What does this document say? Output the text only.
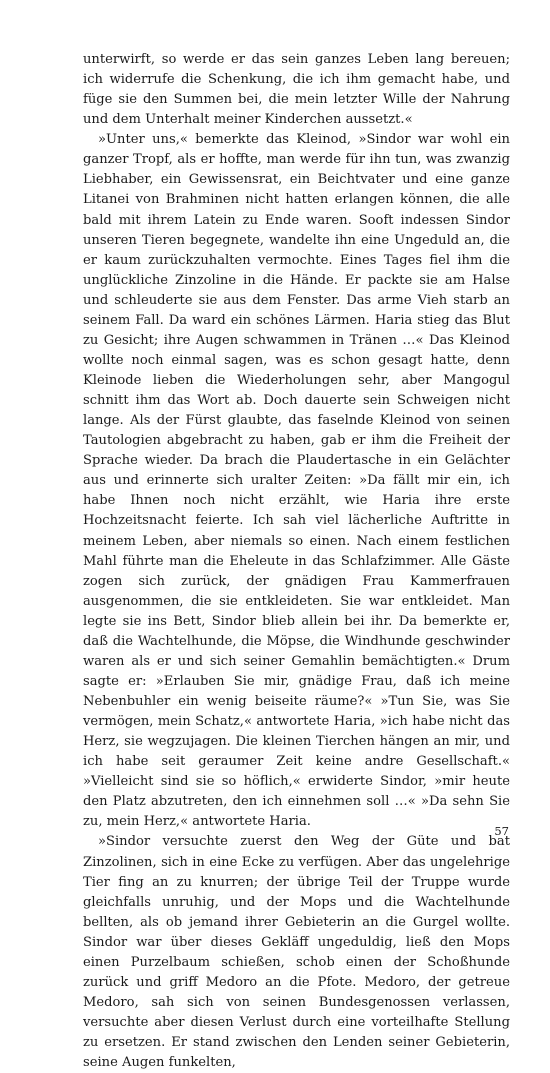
unterwirft, so werde er das sein ganzes Leben lang bereuen; ich widerrufe die Schenkung, die ich ihm gemacht habe, und füge sie den Summen bei, die mein letzter Wille der Nahrung und dem Unterhalt meiner Kinderchen aussetzt.«

»Unter uns,« bemerkte das Kleinod, »Sindor war wohl ein ganzer Tropf, als er hoffte, man werde für ihn tun, was zwanzig Liebhaber, ein Gewissensrat, ein Beichtvater und eine ganze Litanei von Brahminen nicht hatten erlangen können, die alle bald mit ihrem Latein zu Ende waren. Sooft indessen Sindor unseren Tieren begegnete, wandelte ihn eine Ungeduld an, die er kaum zurückzuhalten vermochte. Eines Tages fiel ihm die unglückliche Zinzoline in die Hände. Er packte sie am Halse und schleuderte sie aus dem Fenster. Das arme Vieh starb an seinem Fall. Da ward ein schönes Lärmen. Haria stieg das Blut zu Gesicht; ihre Augen schwammen in Tränen …« Das Kleinod wollte noch einmal sagen, was es schon gesagt hatte, denn Kleinode lieben die Wiederholungen sehr, aber Mangogul schnitt ihm das Wort ab. Doch dauerte sein Schweigen nicht lange. Als der Fürst glaubte, das faselnde Kleinod von seinen Tautologien abgebracht zu haben, gab er ihm die Freiheit der Sprache wieder. Da brach die Plaudertasche in ein Gelächter aus und erinnerte sich uralter Zeiten: »Da fällt mir ein, ich habe Ihnen noch nicht erzählt, wie Haria ihre erste Hochzeitsnacht feierte. Ich sah viel lächerliche Auftritte in meinem Leben, aber niemals so einen. Nach einem festlichen Mahl führte man die Eheleute in das Schlafzimmer. Alle Gäste zogen sich zurück, der gnädigen Frau Kammerfrauen ausgenommen, die sie entkleideten. Sie war entkleidet. Man legte sie ins Bett, Sindor blieb allein bei ihr. Da bemerkte er, daß die Wachtelhunde, die Möpse, die Windhunde geschwinder waren als er und sich seiner Gemahlin bemächtigten.« Drum sagte er: »Erlauben Sie mir, gnädige Frau, daß ich meine Nebenbuhler ein wenig beiseite räume?« »Tun Sie, was Sie vermögen, mein Schatz,« antwortete Haria, »ich habe nicht das Herz, sie wegzujagen. Die kleinen Tierchen hängen an mir, und ich habe seit geraumer Zeit keine andre Gesellschaft.« »Vielleicht sind sie so höflich,« erwiderte Sindor, »mir heute den Platz abzutreten, den ich einnehmen soll …« »Da sehn Sie zu, mein Herz,« antwortete Haria.

»Sindor versuchte zuerst den Weg der Güte und bat Zinzolinen, sich in eine Ecke zu verfügen. Aber das ungelehrige Tier fing an zu knurren; der übrige Teil der Truppe wurde gleichfalls unruhig, und der Mops und die Wachtelhunde bellten, als ob jemand ihrer Gebieterin an die Gurgel wollte. Sindor war über dieses Gekläff ungeduldig, ließ den Mops einen Purzelbaum schießen, schob einen der Schoßhunde zurück und griff Medoro an die Pfote. Medoro, der getreue Medoro, sah sich von seinen Bundesgenossen verlassen, versuchte aber diesen Verlust durch eine vorteilhafte Stellung zu ersetzen. Er stand zwischen den Lenden seiner Gebieterin, seine Augen funkelten,

57
